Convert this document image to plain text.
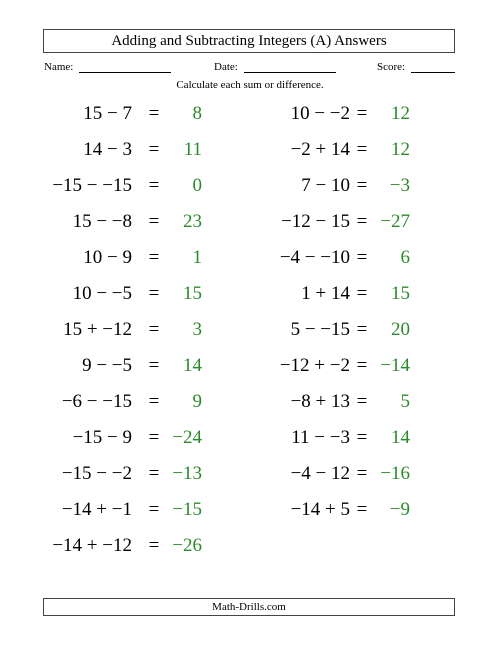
Adding and Subtracting Integers (A) Answers
Name:	Date:	Score:
Calculate each sum or difference.
15 − 7 = 8
14 − 3 = 11
−15 − −15 = 0
15 − −8 = 23
10 − 9 = 1
10 − −5 = 15
15 + −12 = 3
9 − −5 = 14
−6 − −15 = 9
−15 − 9 = −24
−15 − −2 = −13
−14 + −1 = −15
−14 + −12 = −26
10 − −2 = 12
−2 + 14 = 12
7 − 10 = −3
−12 − 15 = −27
−4 − −10 = 6
1 + 14 = 15
5 − −15 = 20
−12 + −2 = −14
−8 + 13 = 5
11 − −3 = 14
−4 − 12 = −16
−14 + 5 = −9
Math-Drills.com
